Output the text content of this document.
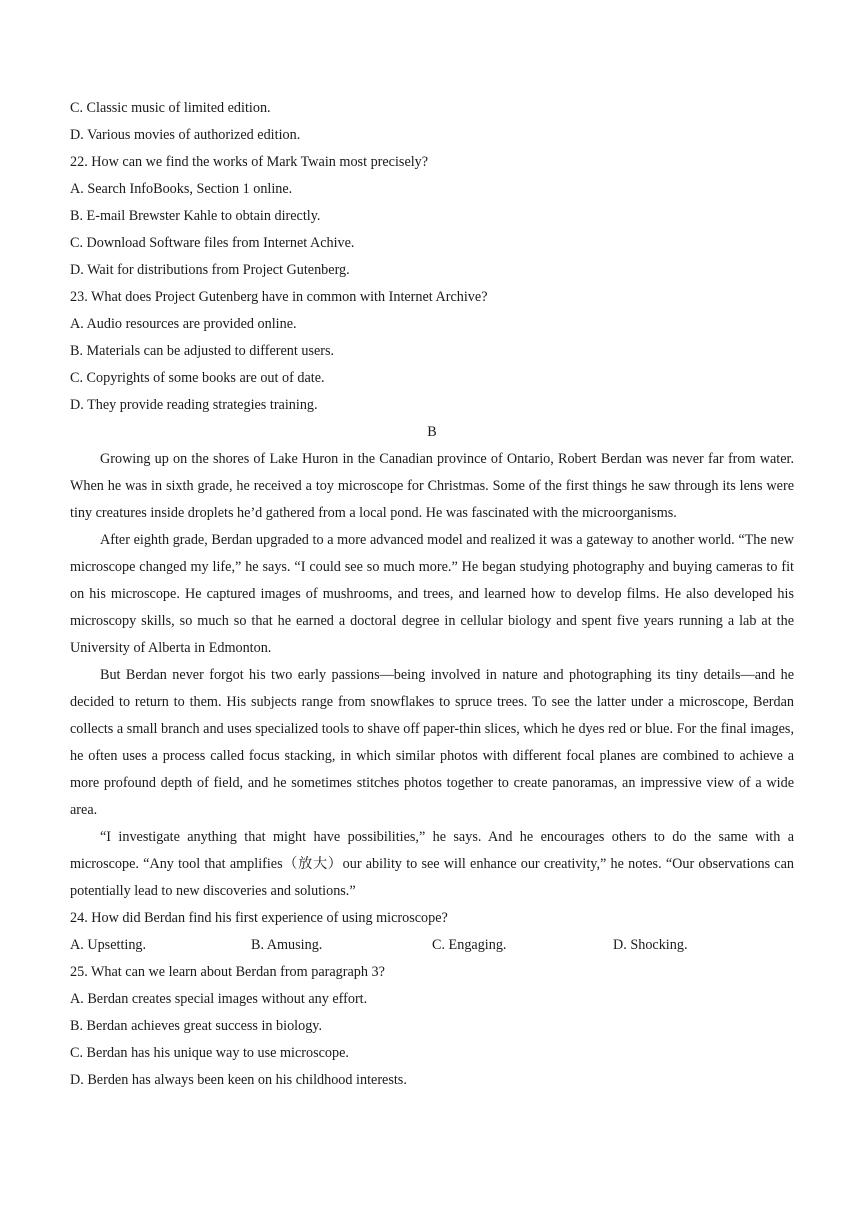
C. Classic music of limited edition.
D. Various movies of authorized edition.
22. How can we find the works of Mark Twain most precisely?
A. Search InfoBooks, Section 1 online.
B. E-mail Brewster Kahle to obtain directly.
C. Download Software files from Internet Achive.
D. Wait for distributions from Project Gutenberg.
23. What does Project Gutenberg have in common with Internet Archive?
A. Audio resources are provided online.
B. Materials can be adjusted to different users.
C. Copyrights of some books are out of date.
D. They provide reading strategies training.
B

Growing up on the shores of Lake Huron in the Canadian province of Ontario, Robert Berdan was never far from water. When he was in sixth grade, he received a toy microscope for Christmas. Some of the first things he saw through its lens were tiny creatures inside droplets he’d gathered from a local pond. He was fascinated with the microorganisms.

After eighth grade, Berdan upgraded to a more advanced model and realized it was a gateway to another world. “The new microscope changed my life,” he says. “I could see so much more.” He began studying photography and buying cameras to fit on his microscope. He captured images of mushrooms, and trees, and learned how to develop films. He also developed his microscopy skills, so much so that he earned a doctoral degree in cellular biology and spent five years running a lab at the University of Alberta in Edmonton.

But Berdan never forgot his two early passions—being involved in nature and photographing its tiny details—and he decided to return to them. His subjects range from snowflakes to spruce trees. To see the latter under a microscope, Berdan collects a small branch and uses specialized tools to shave off paper-thin slices, which he dyes red or blue. For the final images, he often uses a process called focus stacking, in which similar photos with different focal planes are combined to achieve a more profound depth of field, and he sometimes stitches photos together to create panoramas, an impressive view of a wide area.

“I investigate anything that might have possibilities,” he says. And he encourages others to do the same with a microscope. “Any tool that amplifies（放大）our ability to see will enhance our creativity,” he notes. “Our observations can potentially lead to new discoveries and solutions.”

24. How did Berdan find his first experience of using microscope?
A. Upsetting.	B. Amusing.	C. Engaging.	D. Shocking.
25. What can we learn about Berdan from paragraph 3?
A. Berdan creates special images without any effort.
B. Berdan achieves great success in biology.
C. Berdan has his unique way to use microscope.
D. Berden has always been keen on his childhood interests.
